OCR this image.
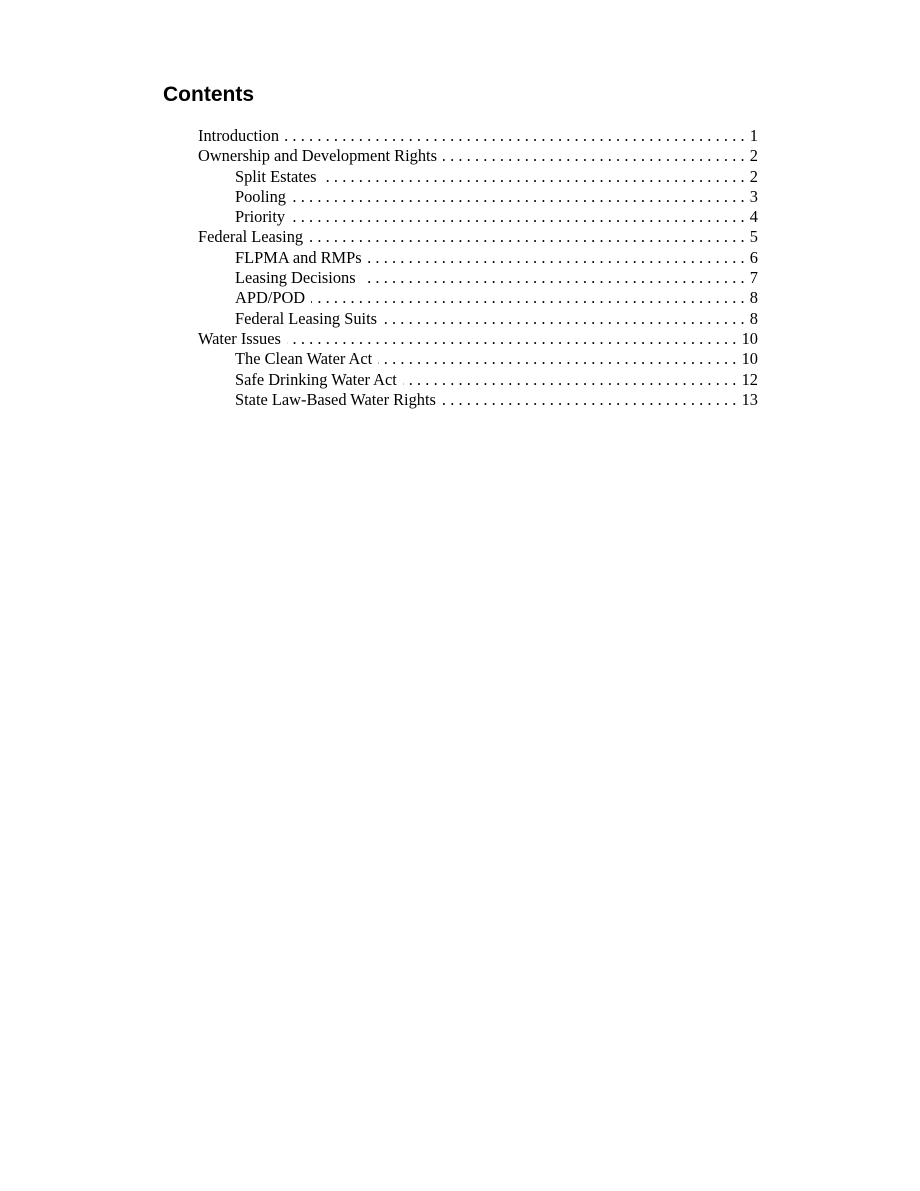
Contents
Introduction .....	1
Ownership and Development Rights .....	2
Split Estates .....	2
Pooling .....	3
Priority .....	4
Federal Leasing .....	5
FLPMA and RMPs .....	6
Leasing Decisions .....	7
APD/POD .....	8
Federal Leasing Suits .....	8
Water Issues .....	10
The Clean Water Act .....	10
Safe Drinking Water Act .....	12
State Law-Based Water Rights .....	13
